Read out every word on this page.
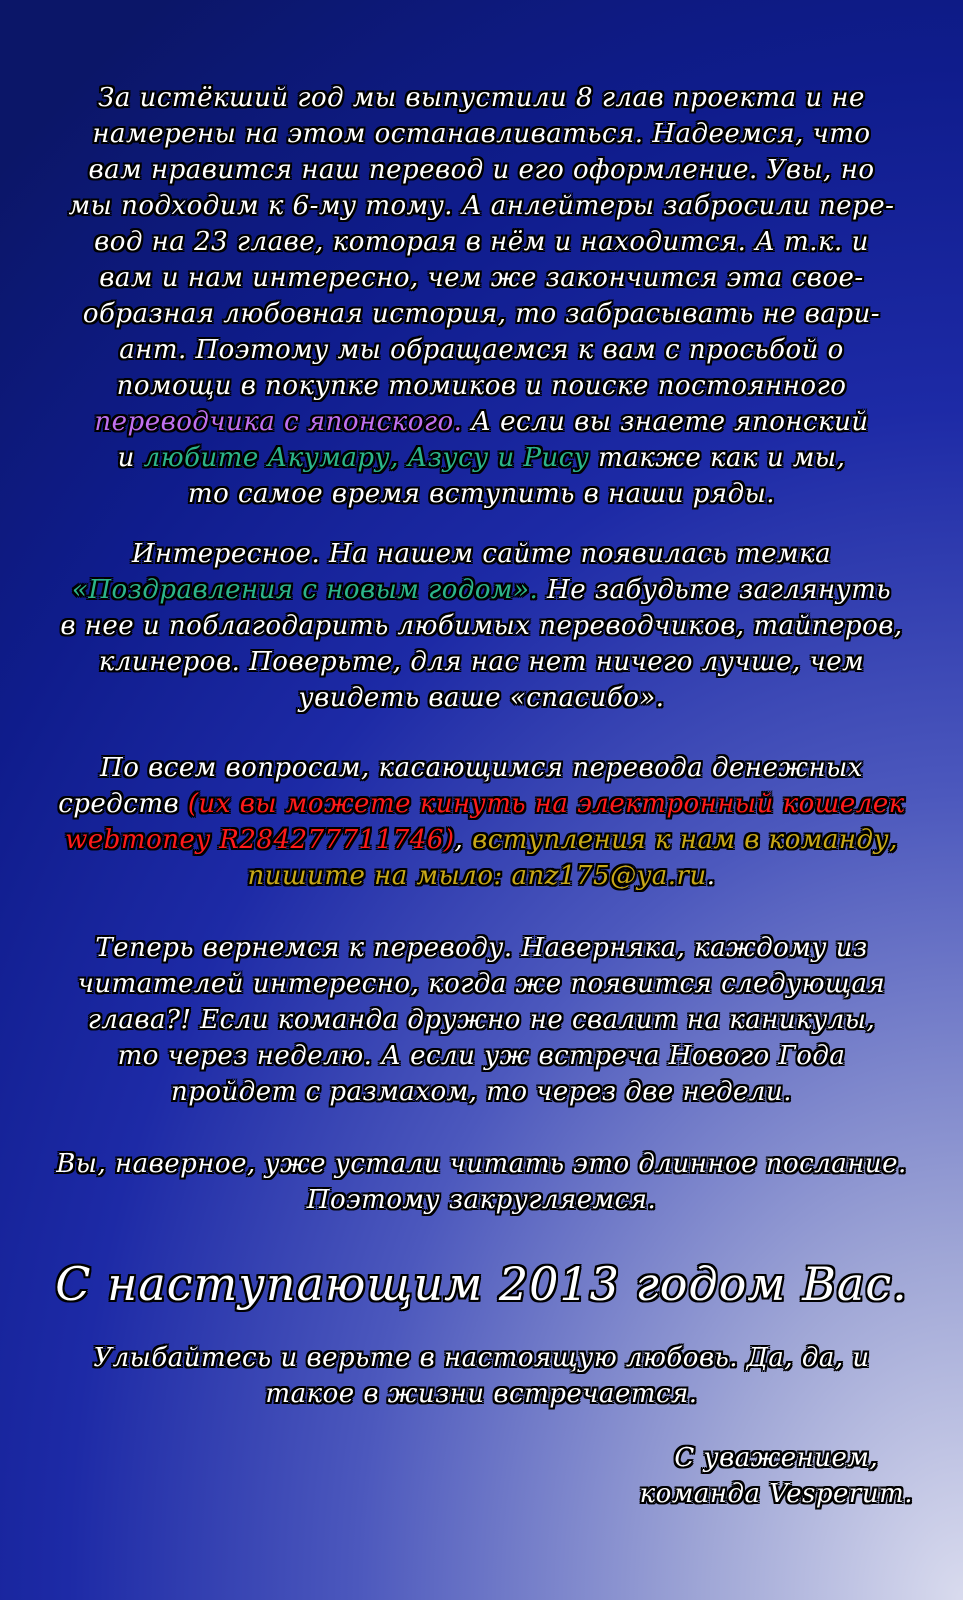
За истёкший год мы выпустили 8 глав проекта и не
намерены на этом останавливаться. Надеемся, что
вам нравится наш перевод и его оформление. Увы, но
мы подходим к 6-му тому. А анлейтеры забросили пере-
вод на 23 главе, которая в нём и находится. А т.к. и
вам и нам интересно, чем же закончится эта свое-
образная любовная история, то забрасывать не вари-
ант. Поэтому мы обращаемся к вам с просьбой о
помощи в покупке томиков и поиске постоянного
переводчика с японского. А если вы знаете японский
и любите Акумару, Азусу и Рису также как и мы,
то самое время вступить в наши ряды.
Интересное. На нашем сайте появилась темка
«Поздравления с новым годом». Не забудьте заглянуть
в нее и поблагодарить любимых переводчиков, тайперов,
клинеров. Поверьте, для нас нет ничего лучше, чем
увидеть ваше «спасибо».
По всем вопросам, касающимся перевода денежных
средств (их вы можете кинуть на электронный кошелек
webmoney R284277711746), вступления к нам в команду,
пишите на мыло: anz175@ya.ru.
Теперь вернемся к переводу. Наверняка, каждому из
читателей интересно, когда же появится следующая
глава?! Если команда дружно не свалит на каникулы,
то через неделю. А если уж встреча Нового Года
пройдет с размахом, то через две недели.
Вы, наверное, уже устали читать это длинное послание.
Поэтому закругляемся.
С наступающим 2013 годом Вас.
Улыбайтесь и верьте в настоящую любовь. Да, да, и
такое в жизни встречается.
С уважением,
команда Vesperum.
